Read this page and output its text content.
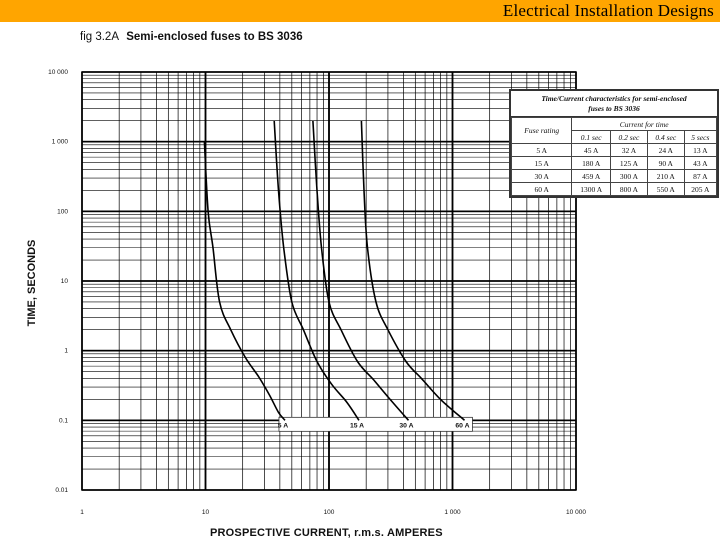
Electrical Installation Designs
fig 3.2A Semi-enclosed fuses to BS 3036
1	10	100	1 000	10 000
0.01
0.1
1
10
100
1 000
10 000
5 A	15 A	30 A	60 A
TIME, SECONDS
PROSPECTIVE CURRENT, r.m.s. AMPERES
Time/Current characteristics for semi-enclosed
fuses to BS 3036
Fuse rating	Current for time			
	0.1 sec	0.2 sec	0.4 sec	5 secs
5 A	45 A	32 A	24 A	13 A
15 A	180 A	125 A	90 A	43 A
30 A	459 A	300 A	210 A	87 A
60 A	1300 A	800 A	550 A	205 A
